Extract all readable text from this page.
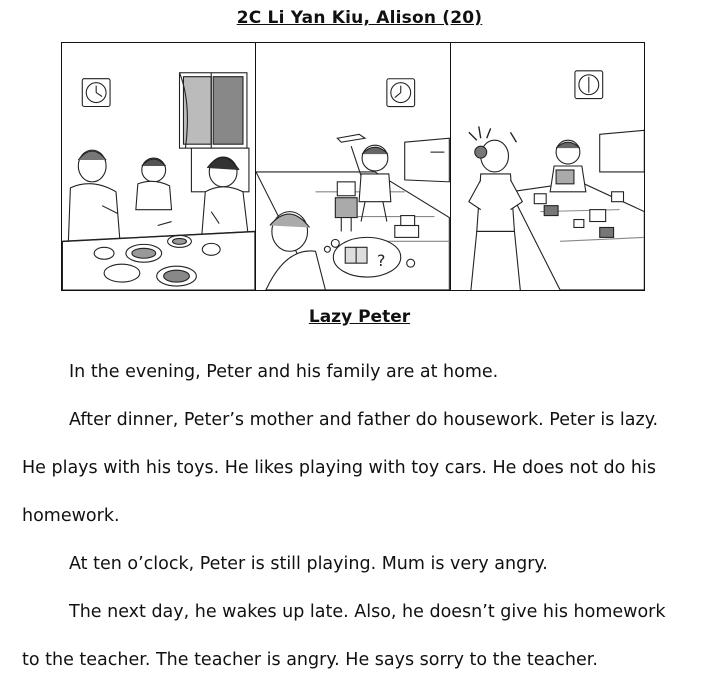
2C Li Yan Kiu, Alison (20)
?
Lazy Peter

In the evening, Peter and his family are at home.

After dinner, Peter’s mother and father do housework. Peter is lazy. He plays with his toys. He likes playing with toy cars. He does not do his homework.

At ten o’clock, Peter is still playing. Mum is very angry.

The next day, he wakes up late. Also, he doesn’t give his homework to the teacher. The teacher is angry. He says sorry to the teacher.
